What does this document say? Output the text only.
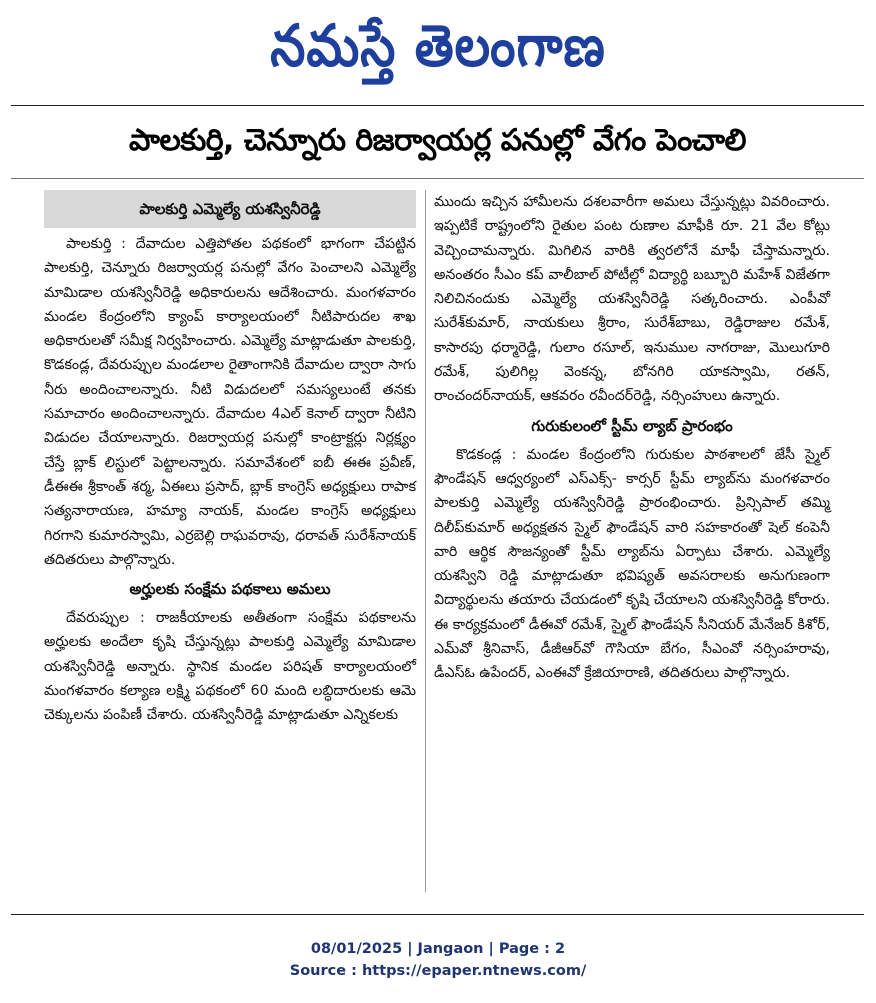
నమస్తే తెలంగాణ
పాలకుర్తి, చెన్నూరు రిజర్వాయర్ల పనుల్లో వేగం పెంచాలి
పాలకుర్తి ఎమ్మెల్యే యశస్వినీరెడ్డి

పాలకుర్తి : దేవాదుల ఎత్తిపోతల పథకంలో భాగంగా చేపట్టిన పాలకుర్తి, చెన్నూరు రిజర్వాయర్ల పనుల్లో వేగం పెంచాలని ఎమ్మెల్యే మామిడాల యశస్వినీరెడ్డి అధికారులను ఆదేశించారు. మంగళవారం మండల కేంద్రంలోని క్యాంప్ కార్యాలయంలో నీటిపారుదల శాఖ అధికారులతో సమీక్ష నిర్వహించారు. ఎమ్మెల్యే మాట్లాడుతూ పాలకుర్తి, కొడకండ్ల, దేవరుప్పుల మండలాల రైతాంగానికి దేవాదుల ద్వారా సాగు నీరు అందించాలన్నారు. నీటి విడుదలలో సమస్యలుంటే తనకు సమాచారం అందించాలన్నారు. దేవాదుల 4ఎల్ కెనాల్ ద్వారా నీటిని విడుదల చేయాలన్నారు. రిజర్వాయర్ల పనుల్లో కాంట్రాక్టర్లు నిర్లక్ష్యం చేస్తే బ్లాక్ లిస్టులో పెట్టాలన్నారు. సమావేశంలో ఐబీ ఈఈ ప్రవీణ్, డీఈఈ శ్రీకాంత్ శర్మ, ఏఈలు ప్రసాద్, బ్లాక్ కాంగ్రెస్ అధ్యక్షులు రాపాక సత్యనారాయణ, హమ్యా నాయక్, మండల కాంగ్రెస్ అధ్యక్షులు గిరగాని కుమారస్వామి, ఎర్రబెల్లి రాఘవరావు, ధరావత్ సురేశ్‌నాయక్ తదితరులు పాల్గొన్నారు.

అర్హులకు సంక్షేమ పథకాలు అమలు

దేవరుప్పుల : రాజకీయాలకు అతీతంగా సంక్షేమ పథకాలను అర్హులకు అందేలా కృషి చేస్తున్నట్లు పాలకుర్తి ఎమ్మెల్యే మామిడాల యశస్వినీరెడ్డి అన్నారు. స్థానిక మండల పరిషత్ కార్యాలయంలో మంగళవారం కల్యాణ లక్ష్మి పథకంలో 60 మంది లబ్ధిదారులకు ఆమె చెక్కులను పంపిణీ చేశారు. యశస్వినీరెడ్డి మాట్లాడుతూ ఎన్నికలకు

ముందు ఇచ్చిన హామీలను దశలవారీగా అమలు చేస్తున్నట్లు వివరించారు. ఇప్పటికే రాష్ట్రంలోని రైతుల పంట రుణాల మాఫీకి రూ. 21 వేల కోట్లు వెచ్చించామన్నారు. మిగిలిన వారికి త్వరలోనే మాఫీ చేస్తామన్నారు. అనంతరం సీఎం కప్ వాలీబాల్ పోటీల్లో విద్యార్థి బబ్బూరి మహేశ్ విజేతగా నిలిచినందుకు ఎమ్మెల్యే యశస్వినీరెడ్డి సత్కరించారు. ఎంపీవో సురేశ్‌కుమార్, నాయకులు శ్రీరాం, సురేశ్‌బాబు, రెడ్డిరాజుల రమేశ్, కాసారపు ధర్మారెడ్డి, గులాం రసూల్, ఇనుముల నాగరాజు, మొలుగూరి రమేశ్, పులిగిల్ల వెంకన్న, బోనగిరి యాకస్వామి, రతన్, రాంచందర్‌నాయక్, ఆకవరం రవీందర్‌రెడ్డి, నర్సింహులు ఉన్నారు.

గురుకులంలో స్టీమ్ ల్యాబ్ ప్రారంభం

కొడకండ్ల : మండల కేంద్రంలోని గురుకుల పాఠశాలలో జేసీ స్మైల్ ఫౌండేషన్ ఆధ్వర్యంలో ఎస్ఎక్స్- కార్సర్ స్టీమ్ ల్యాబ్‌ను మంగళవారం పాలకుర్తి ఎమ్మెల్యే యశస్వినీరెడ్డి ప్రారంభించారు. ప్రిన్సిపాల్ తమ్మి దిలీప్‌కుమార్ అధ్యక్షతన స్మైల్ ఫౌండేషన్ వారి సహకారంతో షెల్ కంపెనీ వారి ఆర్థిక సౌజన్యంతో స్టీమ్ ల్యాబ్‌ను ఏర్పాటు చేశారు. ఎమ్మెల్యే యశస్విని రెడ్డి మాట్లాడుతూ భవిష్యత్ అవసరాలకు అనుగుణంగా విద్యార్థులను తయారు చేయడంలో కృషి చేయాలని యశస్వినీరెడ్డి కోరారు. ఈ కార్యక్రమంలో డీఈవో రమేశ్, స్మైల్ ఫౌండేషన్ సీనియర్ మేనేజర్ కిశోర్, ఎమ్‌వో శ్రీనివాస్, డీజీఆర్‌వో గౌసియా బేగం, సీఎంవో నర్సింహరావు, డీఎస్‌ఓ ఉపేందర్, ఎంఈవో క్రేజియారాణి, తదితరులు పాల్గొన్నారు.

08/01/2025 | Jangaon | Page : 2
Source : https://epaper.ntnews.com/
